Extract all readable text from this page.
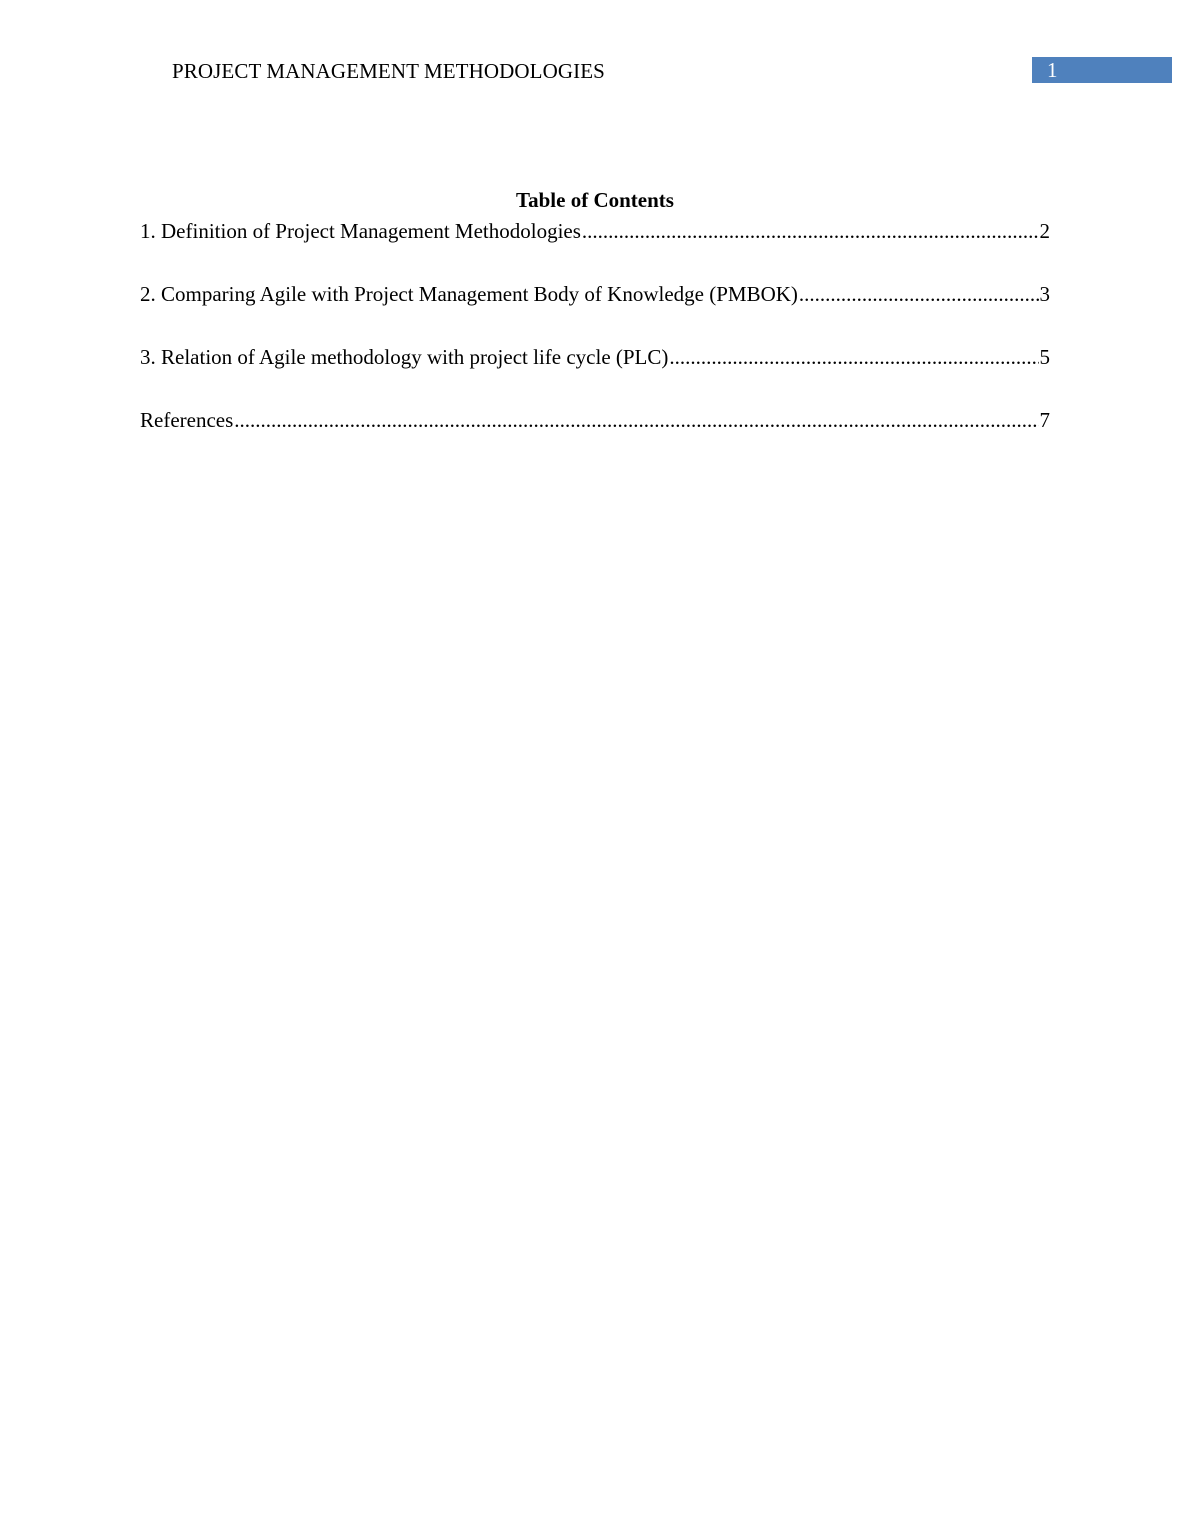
PROJECT MANAGEMENT METHODOLOGIES	1
Table of Contents
1. Definition of Project Management Methodologies .....	2
2. Comparing Agile with Project Management Body of Knowledge (PMBOK) .....	3
3. Relation of Agile methodology with project life cycle (PLC) .....	5
References .....	7
